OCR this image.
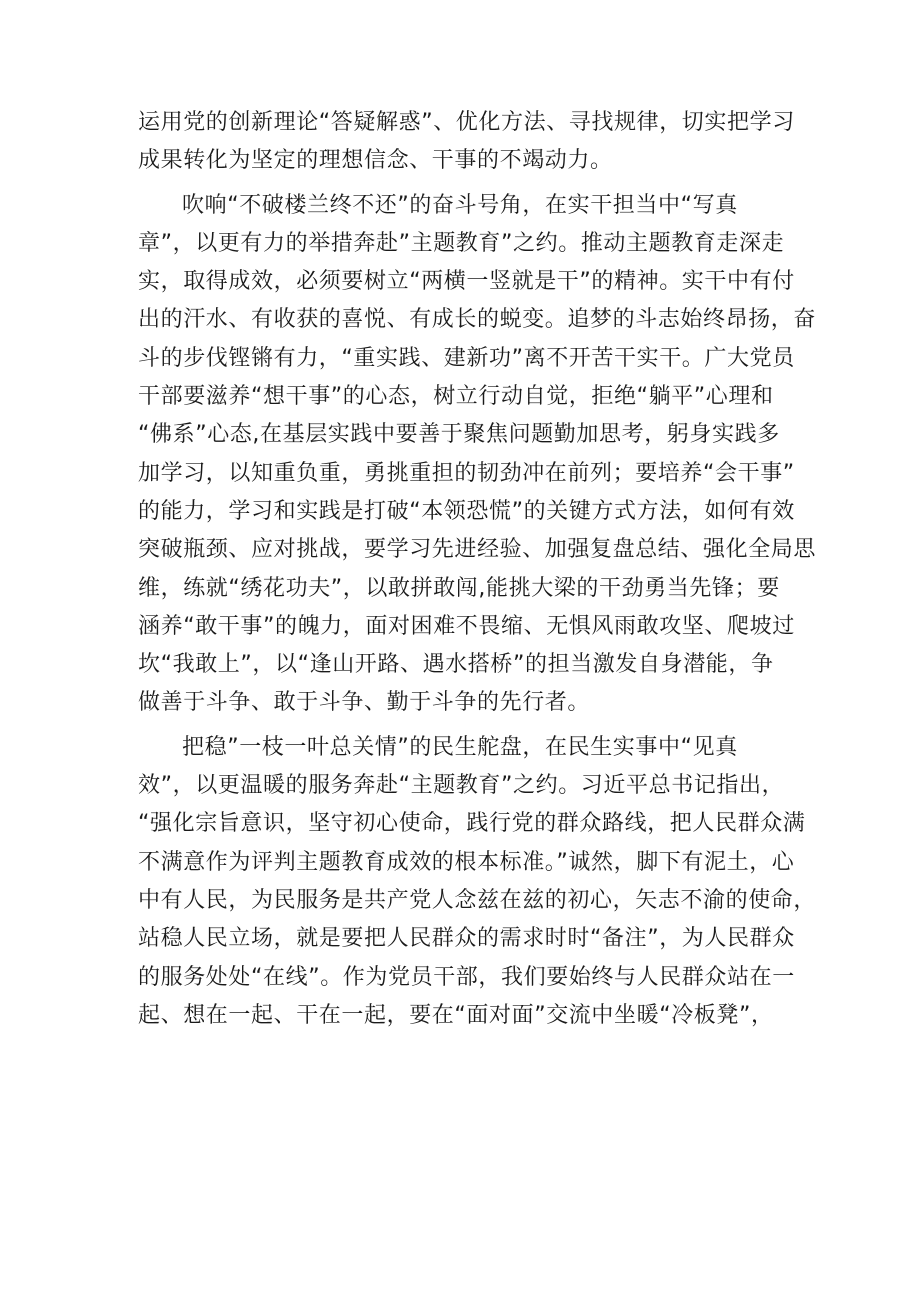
运用党的创新理论“答疑解惑”、优化方法、寻找规律，切实把学习
成果转化为坚定的理想信念、干事的不竭动力。
吹响“不破楼兰终不还”的奋斗号角，在实干担当中“写真
章”，以更有力的举措奔赴”主题教育”之约。推动主题教育走深走
实，取得成效，必须要树立“两横一竖就是干”的精神。实干中有付
出的汗水、有收获的喜悦、有成长的蜕变。追梦的斗志始终昂扬，奋
斗的步伐铿锵有力，“重实践、建新功”离不开苦干实干。广大党员
干部要滋养“想干事”的心态，树立行动自觉，拒绝“躺平”心理和
“佛系”心态,在基层实践中要善于聚焦问题勤加思考，躬身实践多
加学习，以知重负重，勇挑重担的韧劲冲在前列；要培养“会干事”
的能力，学习和实践是打破“本领恐慌”的关键方式方法，如何有效
突破瓶颈、应对挑战，要学习先进经验、加强复盘总结、强化全局思
维，练就“绣花功夫”，以敢拼敢闯,能挑大梁的干劲勇当先锋；要
涵养“敢干事”的魄力，面对困难不畏缩、无惧风雨敢攻坚、爬坡过
坎“我敢上”，以“逢山开路、遇水搭桥”的担当激发自身潜能，争
做善于斗争、敢于斗争、勤于斗争的先行者。
把稳”一枝一叶总关情”的民生舵盘，在民生实事中“见真
效”，以更温暖的服务奔赴“主题教育”之约。习近平总书记指出，
“强化宗旨意识，坚守初心使命，践行党的群众路线，把人民群众满
不满意作为评判主题教育成效的根本标准。”诚然，脚下有泥土，心
中有人民，为民服务是共产党人念兹在兹的初心，矢志不渝的使命，
站稳人民立场，就是要把人民群众的需求时时“备注”，为人民群众
的服务处处“在线”。作为党员干部，我们要始终与人民群众站在一
起、想在一起、干在一起，要在“面对面”交流中坐暖“冷板凳”，
